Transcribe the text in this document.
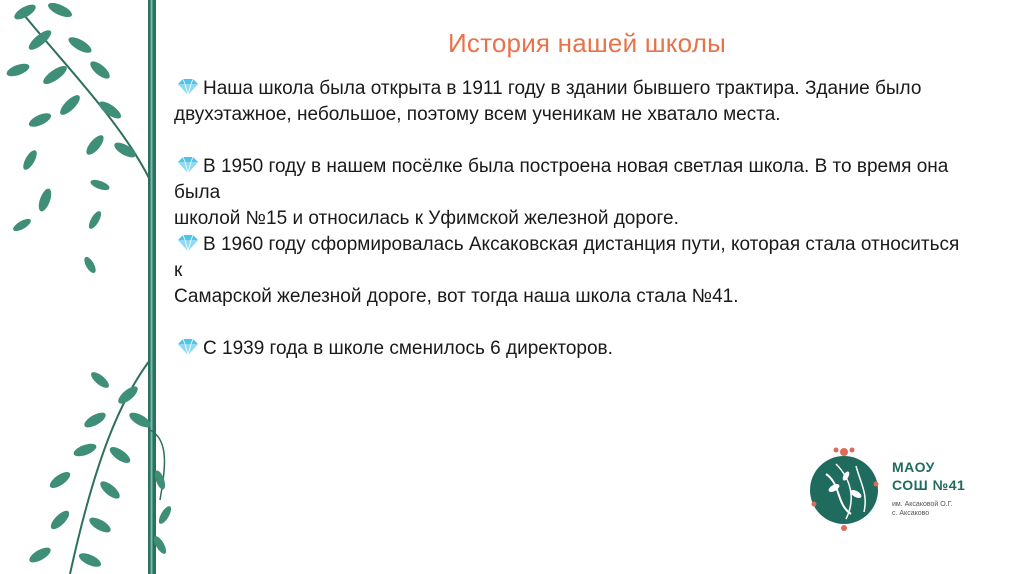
История нашей школы

Наша школа была открыта в 1911 году в здании бывшего трактира. Здание было
двухэтажное, небольшое, поэтому всем ученикам не хватало места.

В 1950 году в нашем посёлке была построена новая светлая школа. В то время она была
школой №15 и относилась к Уфимской железной дороге.

В 1960 году сформировалась Аксаковская дистанция пути, которая стала относиться к
Самарской железной дороге, вот тогда наша школа стала №41.

С 1939 года в школе сменилось 6 директоров.

МАОУ
СОШ №41
им. Аксаковой О.Г.
с. Аксаково
